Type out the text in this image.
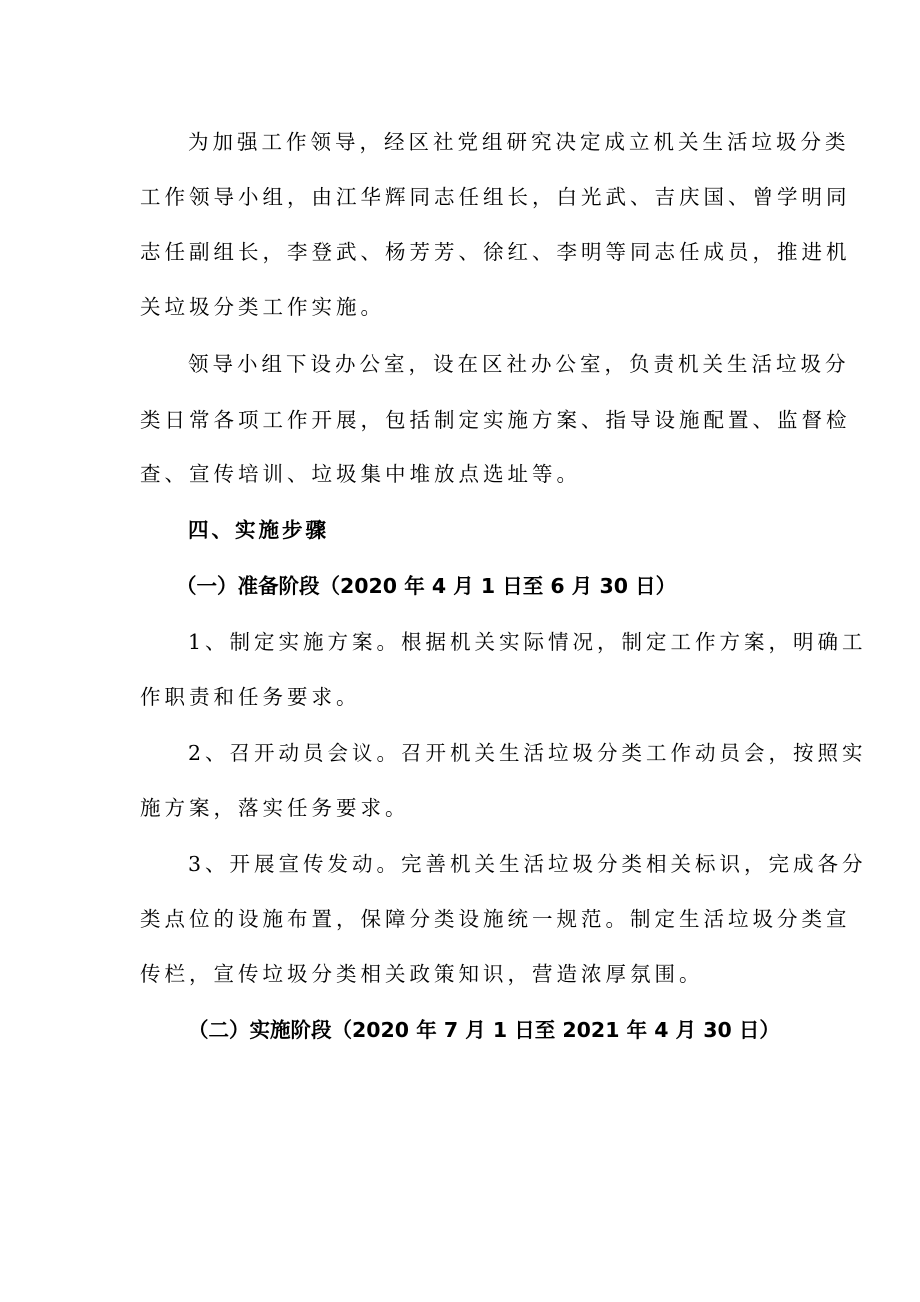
为加强工作领导，经区社党组研究决定成立机关生活垃圾分类
工作领导小组，由江华辉同志任组长，白光武、吉庆国、曾学明同
志任副组长，李登武、杨芳芳、徐红、李明等同志任成员，推进机
关垃圾分类工作实施。
领导小组下设办公室，设在区社办公室，负责机关生活垃圾分
类日常各项工作开展，包括制定实施方案、指导设施配置、监督检
查、宣传培训、垃圾集中堆放点选址等。
四、实施步骤
（一）准备阶段（2020 年 4 月 1 日至 6 月 30 日）
1、制定实施方案。根据机关实际情况，制定工作方案，明确工
作职责和任务要求。
2、召开动员会议。召开机关生活垃圾分类工作动员会，按照实
施方案，落实任务要求。
3、开展宣传发动。完善机关生活垃圾分类相关标识，完成各分
类点位的设施布置，保障分类设施统一规范。制定生活垃圾分类宣
传栏，宣传垃圾分类相关政策知识，营造浓厚氛围。
（二）实施阶段（2020 年 7 月 1 日至 2021 年 4 月 30 日）
